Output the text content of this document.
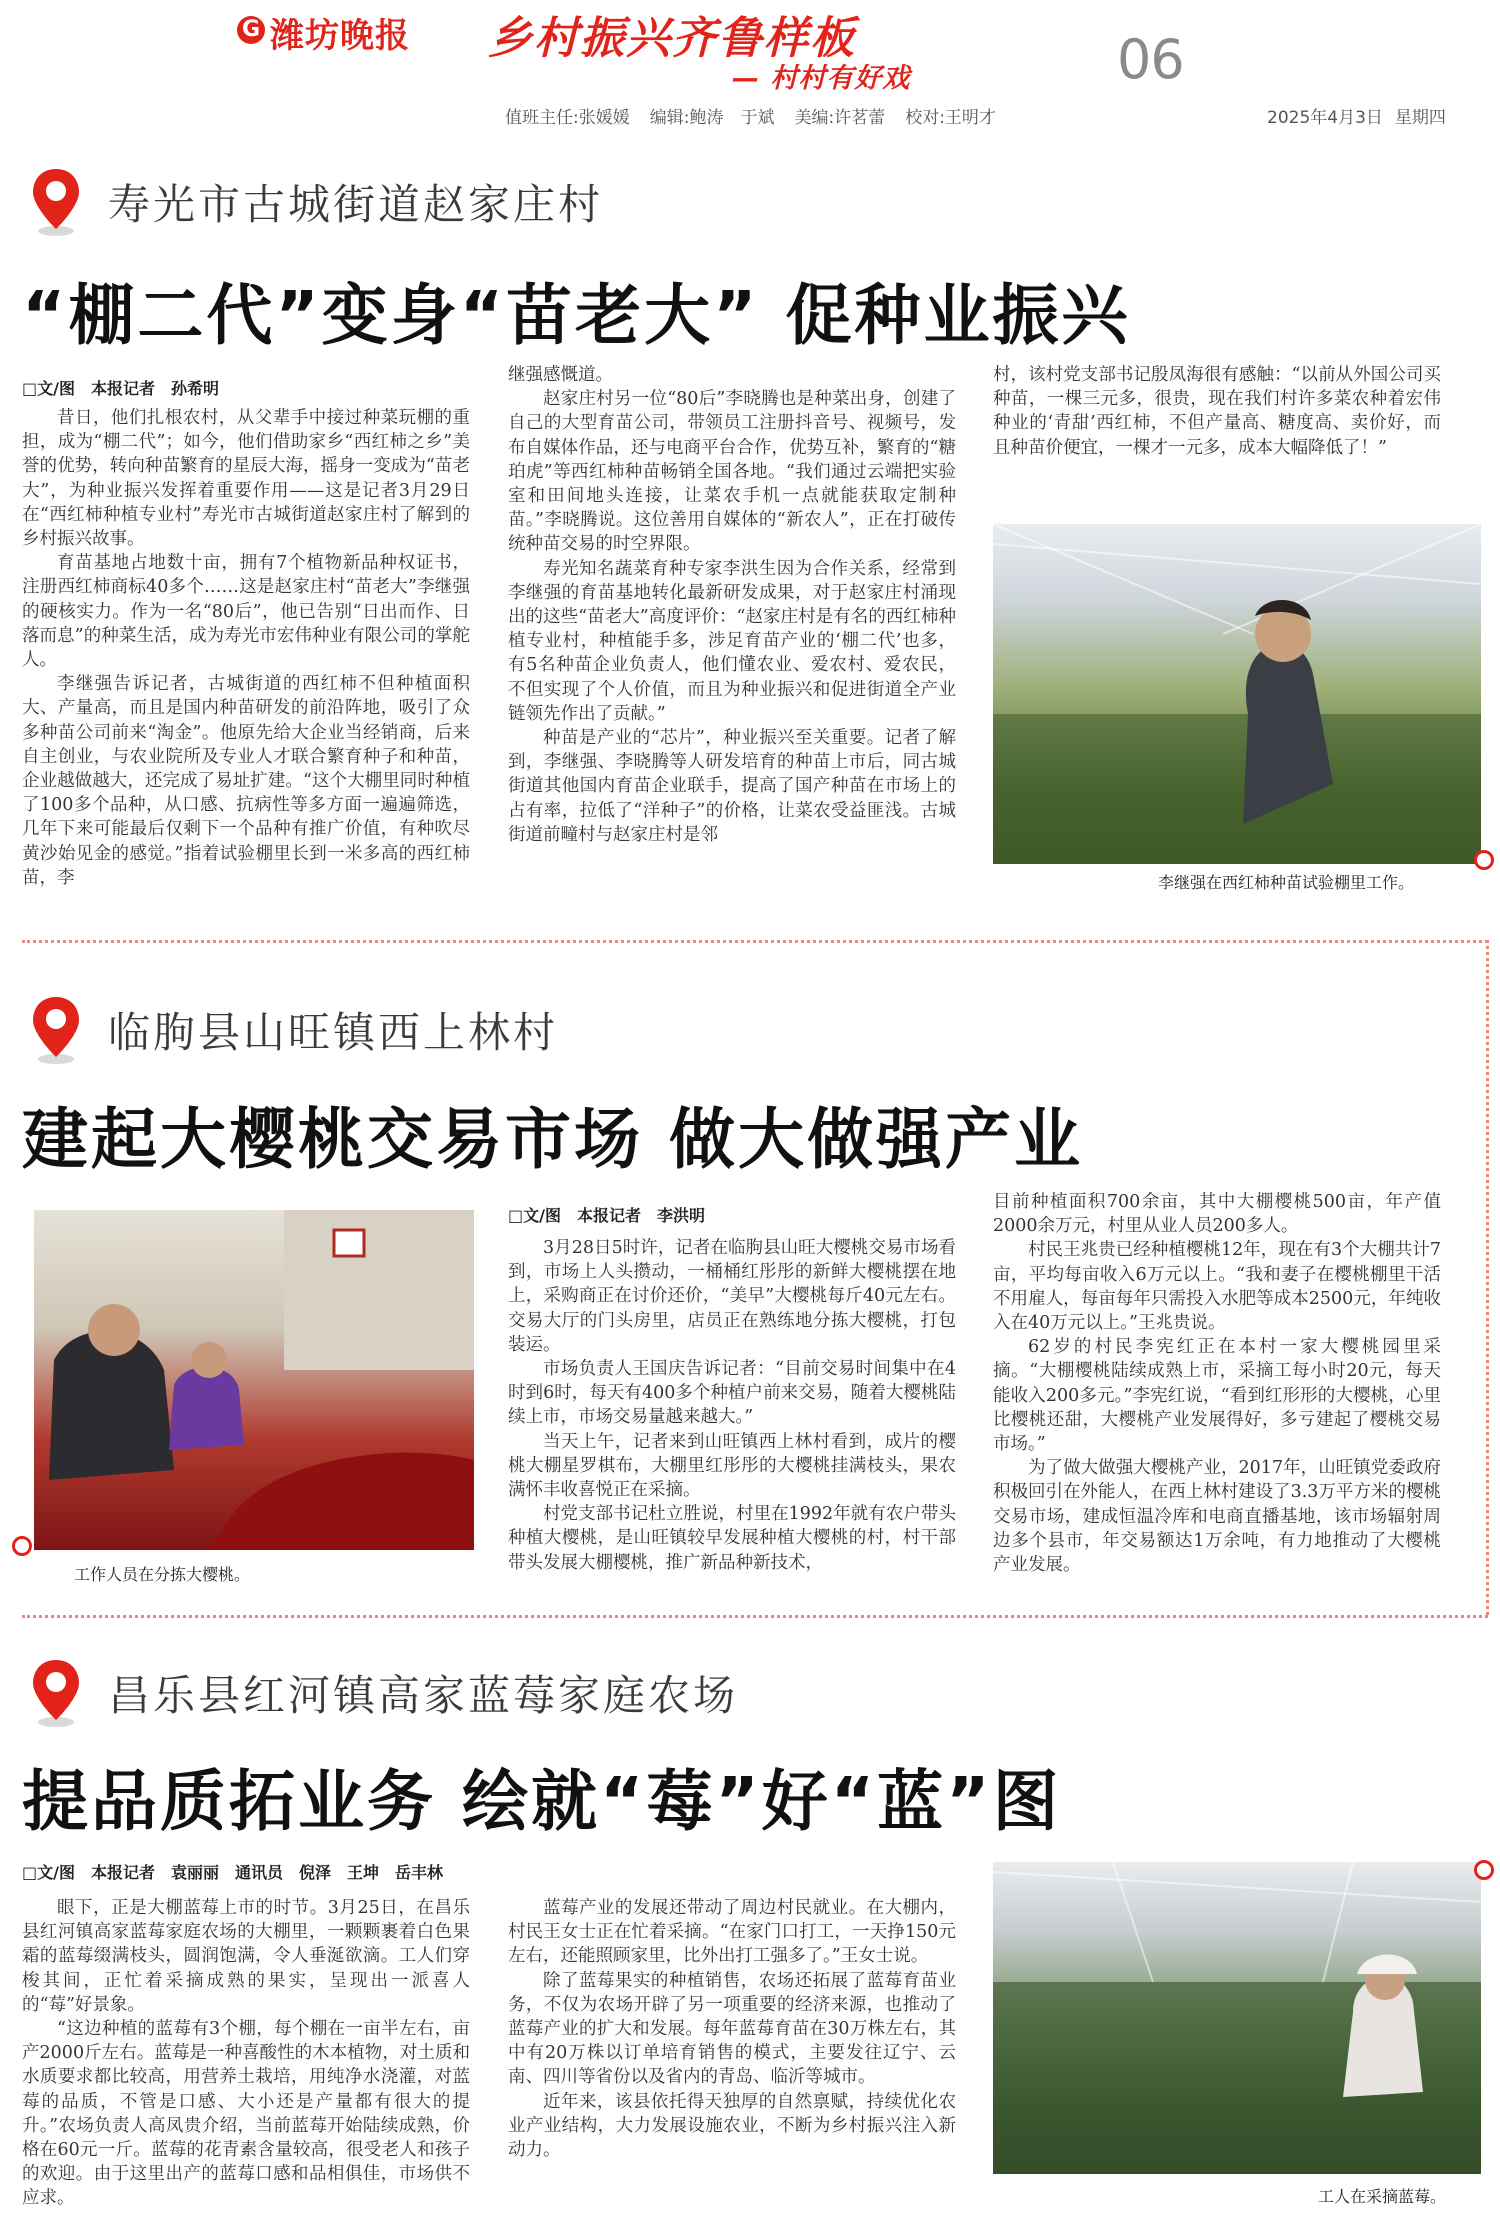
G 潍坊晚报 乡村振兴齐鲁样板
— 村村有好戏	06
值班主任:张媛媛 编辑:鲍涛　于斌 美编:许茗蕾 校对:王明才	2025年4月3日 星期四
寿光市古城街道赵家庄村
“棚二代”变身“苗老大” 促种业振兴
□文/图 本报记者 孙希明

昔日，他们扎根农村，从父辈手中接过种菜玩棚的重担，成为“棚二代”；如今，他们借助家乡“西红柿之乡”美誉的优势，转向种苗繁育的星辰大海，摇身一变成为“苗老大”，为种业振兴发挥着重要作用——这是记者3月29日在“西红柿种植专业村”寿光市古城街道赵家庄村了解到的乡村振兴故事。

育苗基地占地数十亩，拥有7个植物新品种权证书，注册西红柿商标40多个……这是赵家庄村“苗老大”李继强的硬核实力。作为一名“80后”，他已告别“日出而作、日落而息”的种菜生活，成为寿光市宏伟种业有限公司的掌舵人。

李继强告诉记者，古城街道的西红柿不但种植面积大、产量高，而且是国内种苗研发的前沿阵地，吸引了众多种苗公司前来“淘金”。他原先给大企业当经销商，后来自主创业，与农业院所及专业人才联合繁育种子和种苗，企业越做越大，还完成了易址扩建。“这个大棚里同时种植了100多个品种，从口感、抗病性等多方面一遍遍筛选，几年下来可能最后仅剩下一个品种有推广价值，有种吹尽黄沙始见金的感觉。”指着试验棚里长到一米多高的西红柿苗，李

继强感慨道。

赵家庄村另一位“80后”李晓腾也是种菜出身，创建了自己的大型育苗公司，带领员工注册抖音号、视频号，发布自媒体作品，还与电商平台合作，优势互补，繁育的“糖珀虎”等西红柿种苗畅销全国各地。“我们通过云端把实验室和田间地头连接，让菜农手机一点就能获取定制种苗。”李晓腾说。这位善用自媒体的“新农人”，正在打破传统种苗交易的时空界限。

寿光知名蔬菜育种专家李洪生因为合作关系，经常到李继强的育苗基地转化最新研发成果，对于赵家庄村涌现出的这些“苗老大”高度评价：“赵家庄村是有名的西红柿种植专业村，种植能手多，涉足育苗产业的‘棚二代’也多，有5名种苗企业负责人，他们懂农业、爱农村、爱农民，不但实现了个人价值，而且为种业振兴和促进街道全产业链领先作出了贡献。”

种苗是产业的“芯片”，种业振兴至关重要。记者了解到，李继强、李晓腾等人研发培育的种苗上市后，同古城街道其他国内育苗企业联手，提高了国产种苗在市场上的占有率，拉低了“洋种子”的价格，让菜农受益匪浅。古城街道前疃村与赵家庄村是邻

村，该村党支部书记殷凤海很有感触：“以前从外国公司买种苗，一棵三元多，很贵，现在我们村许多菜农种着宏伟种业的‘青甜’西红柿，不但产量高、糖度高、卖价好，而且种苗价便宜，一棵才一元多，成本大幅降低了！”

李继强在西红柿种苗试验棚里工作。
临朐县山旺镇西上林村
建起大樱桃交易市场 做大做强产业
工作人员在分拣大樱桃。
□文/图 本报记者 李洪明

3月28日5时许，记者在临朐县山旺大樱桃交易市场看到，市场上人头攒动，一桶桶红彤彤的新鲜大樱桃摆在地上，采购商正在讨价还价，“美早”大樱桃每斤40元左右。交易大厅的门头房里，店员正在熟练地分拣大樱桃，打包装运。

市场负责人王国庆告诉记者：“目前交易时间集中在4时到6时，每天有400多个种植户前来交易，随着大樱桃陆续上市，市场交易量越来越大。”

当天上午，记者来到山旺镇西上林村看到，成片的樱桃大棚星罗棋布，大棚里红彤彤的大樱桃挂满枝头，果农满怀丰收喜悦正在采摘。

村党支部书记杜立胜说，村里在1992年就有农户带头种植大樱桃，是山旺镇较早发展种植大樱桃的村，村干部带头发展大棚樱桃，推广新品种新技术，

目前种植面积700余亩，其中大棚樱桃500亩，年产值2000余万元，村里从业人员200多人。

村民王兆贵已经种植樱桃12年，现在有3个大棚共计7亩，平均每亩收入6万元以上。“我和妻子在樱桃棚里干活不用雇人，每亩每年只需投入水肥等成本2500元，年纯收入在40万元以上。”王兆贵说。

62岁的村民李宪红正在本村一家大樱桃园里采摘。“大棚樱桃陆续成熟上市，采摘工每小时20元，每天能收入200多元。”李宪红说，“看到红形形的大樱桃，心里比樱桃还甜，大樱桃产业发展得好，多亏建起了樱桃交易市场。”

为了做大做强大樱桃产业，2017年，山旺镇党委政府积极回引在外能人，在西上林村建设了3.3万平方米的樱桃交易市场，建成恒温冷库和电商直播基地，该市场辐射周边多个县市，年交易额达1万余吨，有力地推动了大樱桃产业发展。

昌乐县红河镇高家蓝莓家庭农场
提品质拓业务 绘就“莓”好“蓝”图
□文/图 本报记者 袁丽丽 通讯员 倪泽 王坤 岳丰林

眼下，正是大棚蓝莓上市的时节。3月25日，在昌乐县红河镇高家蓝莓家庭农场的大棚里，一颗颗裹着白色果霜的蓝莓缀满枝头，圆润饱满，令人垂涎欲滴。工人们穿梭其间，正忙着采摘成熟的果实，呈现出一派喜人的“莓”好景象。

“这边种植的蓝莓有3个棚，每个棚在一亩半左右，亩产2000斤左右。蓝莓是一种喜酸性的木本植物，对土质和水质要求都比较高，用营养土栽培，用纯净水浇灌，对蓝莓的品质，不管是口感、大小还是产量都有很大的提升。”农场负责人高凤贵介绍，当前蓝莓开始陆续成熟，价格在60元一斤。蓝莓的花青素含量较高，很受老人和孩子的欢迎。由于这里出产的蓝莓口感和品相俱佳，市场供不应求。

蓝莓产业的发展还带动了周边村民就业。在大棚内，村民王女士正在忙着采摘。“在家门口打工，一天挣150元左右，还能照顾家里，比外出打工强多了。”王女士说。

除了蓝莓果实的种植销售，农场还拓展了蓝莓育苗业务，不仅为农场开辟了另一项重要的经济来源，也推动了蓝莓产业的扩大和发展。每年蓝莓育苗在30万株左右，其中有20万株以订单培育销售的模式，主要发往辽宁、云南、四川等省份以及省内的青岛、临沂等城市。

近年来，该县依托得天独厚的自然禀赋，持续优化农业产业结构，大力发展设施农业，不断为乡村振兴注入新动力。

工人在采摘蓝莓。
